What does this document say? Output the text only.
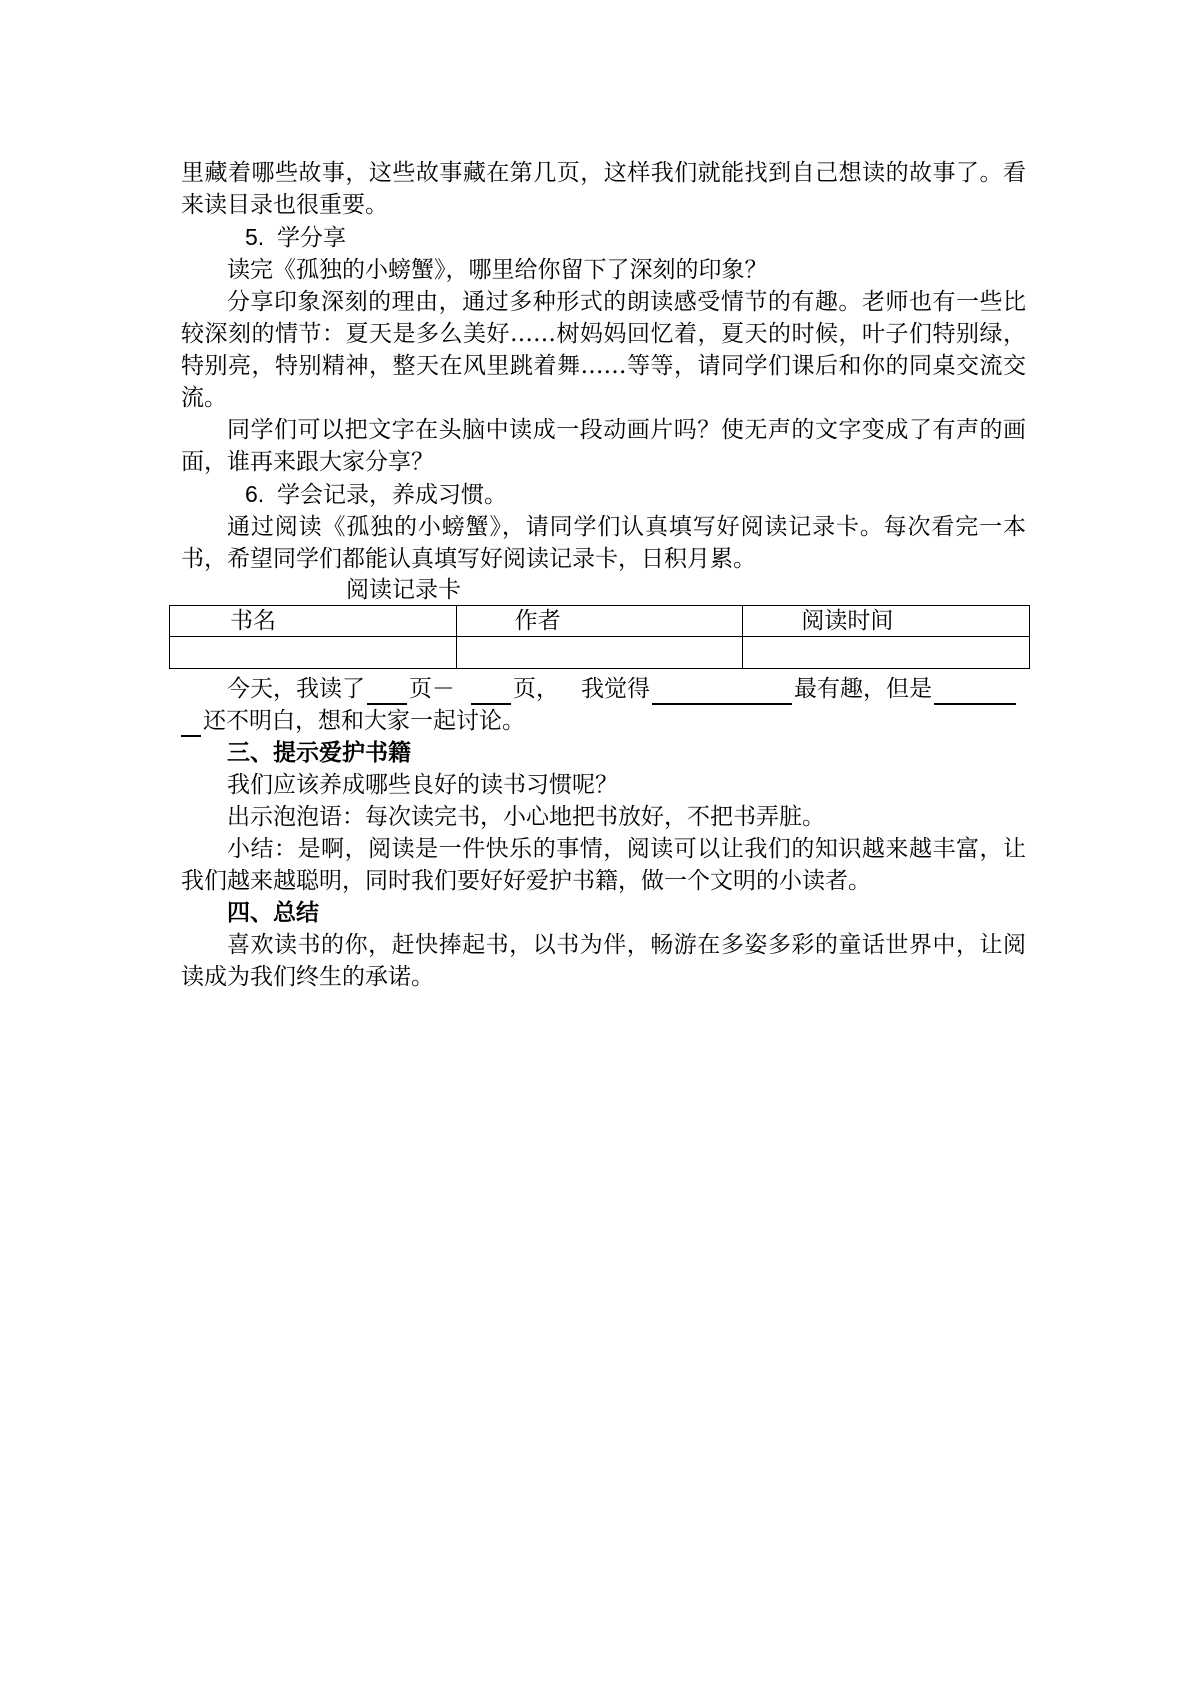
里藏着哪些故事，这些故事藏在第几页，这样我们就能找到自己想读的故事了。看来读目录也很重要。

5. 学分享

读完《孤独的小螃蟹》，哪里给你留下了深刻的印象？

分享印象深刻的理由，通过多种形式的朗读感受情节的有趣。老师也有一些比较深刻的情节：夏天是多么美好……树妈妈回忆着，夏天的时候，叶子们特别绿，特别亮，特别精神，整天在风里跳着舞……等等，请同学们课后和你的同桌交流交流。

同学们可以把文字在头脑中读成一段动画片吗？使无声的文字变成了有声的画面，谁再来跟大家分享？

6. 学会记录，养成习惯。

通过阅读《孤独的小螃蟹》，请同学们认真填写好阅读记录卡。每次看完一本书，希望同学们都能认真填写好阅读记录卡，日积月累。

阅读记录卡

书名	作者	阅读时间

今天，我读了 页－	页， 我觉得	最有趣，但是

还不明白，想和大家一起讨论。

三、提示爱护书籍

我们应该养成哪些良好的读书习惯呢？

出示泡泡语：每次读完书，小心地把书放好，不把书弄脏。

小结：是啊，阅读是一件快乐的事情，阅读可以让我们的知识越来越丰富，让我们越来越聪明，同时我们要好好爱护书籍，做一个文明的小读者。

四、总结

喜欢读书的你，赶快捧起书，以书为伴，畅游在多姿多彩的童话世界中，让阅读成为我们终生的承诺。
